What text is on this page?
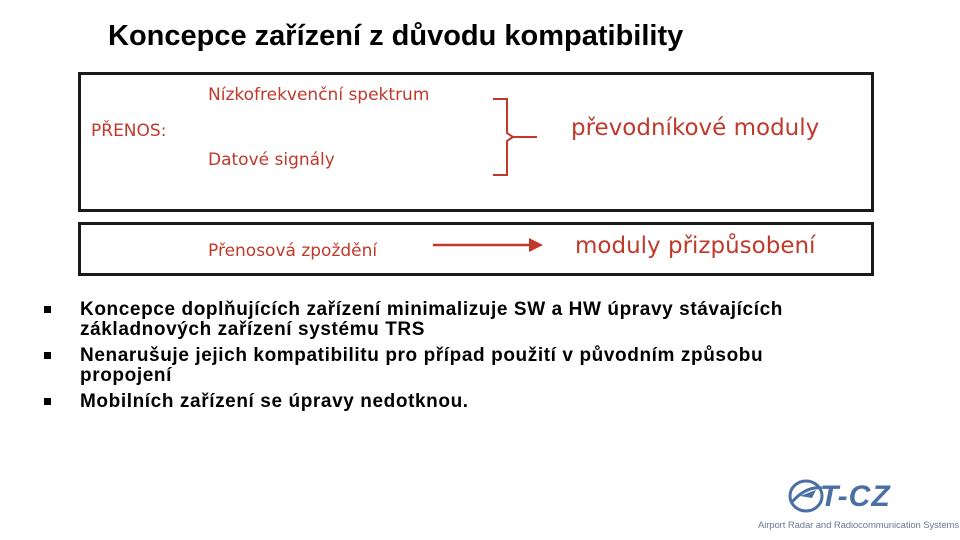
Koncepce zařízení z důvodu kompatibility
PŘENOS:
Nízkofrekvenční spektrum
Datové signály
převodníkové moduly
Přenosová zpoždění	moduly přizpůsobení
Koncepce doplňujících zařízení minimalizuje SW a HW úpravy stávajících základnových zařízení systému TRS
Nenarušuje jejich kompatibilitu pro případ použití v původním způsobu propojení
Mobilních zařízení se úpravy nedotknou.
T-CZ
Airport Radar and Radiocommunication Systems
